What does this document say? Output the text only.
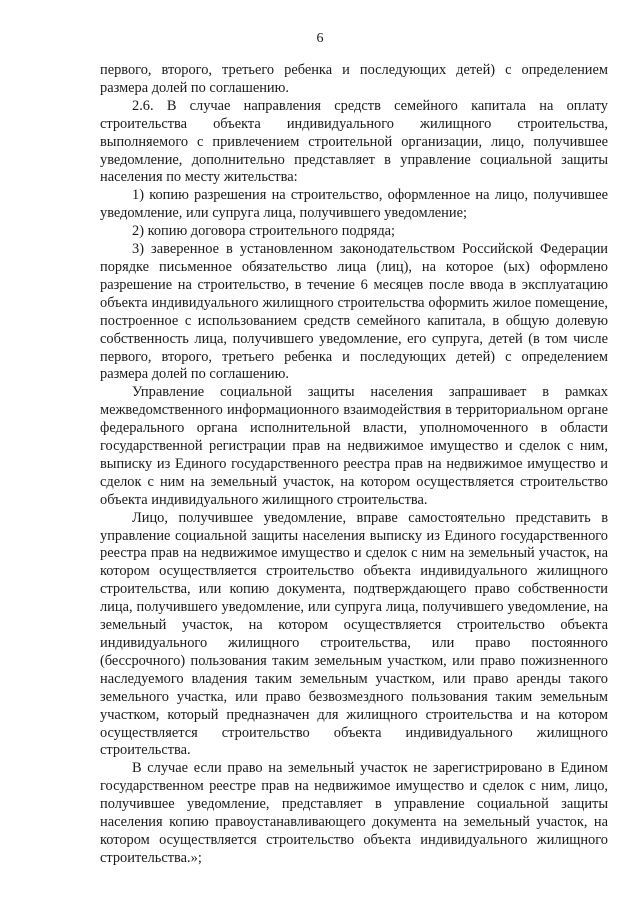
6

первого, второго, третьего ребенка и последующих детей) с определением размера долей по соглашению.

2.6. В случае направления средств семейного капитала на оплату строительства объекта индивидуального жилищного строительства, выполняемого с привлечением строительной организации, лицо, получившее уведомление, дополнительно представляет в управление социальной защиты населения по месту жительства:

1) копию разрешения на строительство, оформленное на лицо, получившее уведомление, или супруга лица, получившего уведомление;

2) копию договора строительного подряда;

3) заверенное в установленном законодательством Российской Федерации порядке письменное обязательство лица (лиц), на которое (ых) оформлено разрешение на строительство, в течение 6 месяцев после ввода в эксплуатацию объекта индивидуального жилищного строительства оформить жилое помещение, построенное с использованием средств семейного капитала, в общую долевую собственность лица, получившего уведомление, его супруга, детей (в том числе первого, второго, третьего ребенка и последующих детей) с определением размера долей по соглашению.

Управление социальной защиты населения запрашивает в рамках межведомственного информационного взаимодействия в территориальном органе федерального органа исполнительной власти, уполномоченного в области государственной регистрации прав на недвижимое имущество и сделок с ним, выписку из Единого государственного реестра прав на недвижимое имущество и сделок с ним на земельный участок, на котором осуществляется строительство объекта индивидуального жилищного строительства.

Лицо, получившее уведомление, вправе самостоятельно представить в управление социальной защиты населения выписку из Единого государственного реестра прав на недвижимое имущество и сделок с ним на земельный участок, на котором осуществляется строительство объекта индивидуального жилищного строительства, или копию документа, подтверждающего право собственности лица, получившего уведомление, или супруга лица, получившего уведомление, на земельный участок, на котором осуществляется строительство объекта индивидуального жилищного строительства, или право постоянного (бессрочного) пользования таким земельным участком, или право пожизненного наследуемого владения таким земельным участком, или право аренды такого земельного участка, или право безвозмездного пользования таким земельным участком, который предназначен для жилищного строительства и на котором осуществляется строительство объекта индивидуального жилищного строительства.

В случае если право на земельный участок не зарегистрировано в Едином государственном реестре прав на недвижимое имущество и сделок с ним, лицо, получившее уведомление, представляет в управление социальной защиты населения копию правоустанавливающего документа на земельный участок, на котором осуществляется строительство объекта индивидуального жилищного строительства.»;
